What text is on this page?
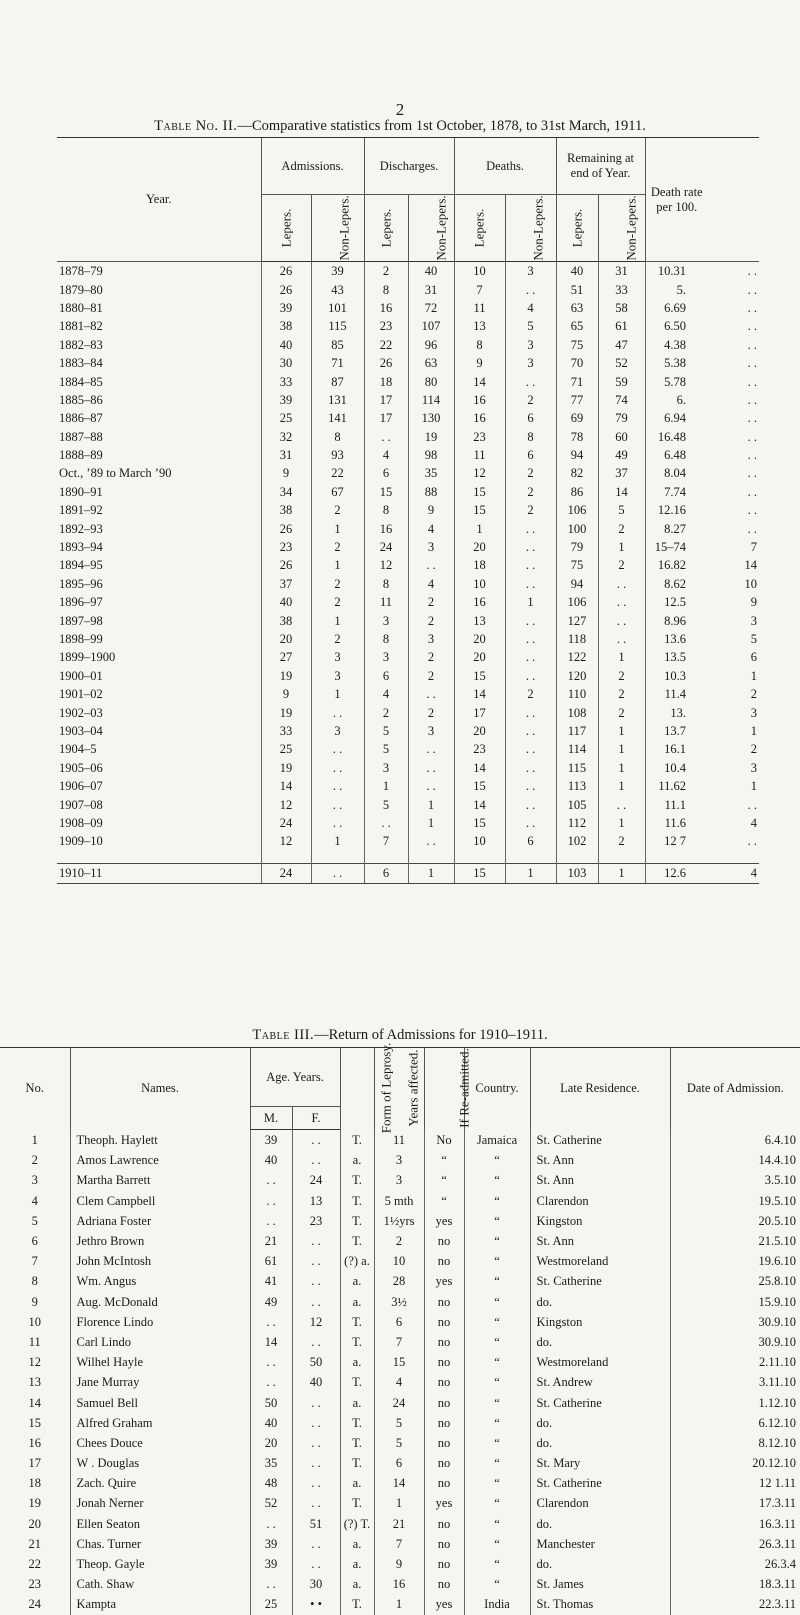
2
Table No. II.—Comparative statistics from 1st October, 1878, to 31st March, 1911.
Year.	Admissions.		Discharges.		Deaths.		Remaining at end of Year.		Death rate per 100.	
	Lepers.	Non-Lepers.	Lepers.	Non-Lepers.	Lepers.	Non-Lepers.	Lepers.	Non-Lepers.		
1878–79	26	39	2	40	10	3	40	31	10.31	. .
1879–80	26	43	8	31	7	. .	51	33	5.	. .
1880–81	39	101	16	72	11	4	63	58	6.69	. .
1881–82	38	115	23	107	13	5	65	61	6.50	. .
1882–83	40	85	22	96	8	3	75	47	4.38	. .
1883–84	30	71	26	63	9	3	70	52	5.38	. .
1884–85	33	87	18	80	14	. .	71	59	5.78	. .
1885–86	39	131	17	114	16	2	77	74	6.	. .
1886–87	25	141	17	130	16	6	69	79	6.94	. .
1887–88	32	8	. .	19	23	8	78	60	16.48	. .
1888–89	31	93	4	98	11	6	94	49	6.48	. .
Oct., ’89 to March ’90	9	22	6	35	12	2	82	37	8.04	. .
1890–91	34	67	15	88	15	2	86	14	7.74	. .
1891–92	38	2	8	9	15	2	106	5	12.16	. .
1892–93	26	1	16	4	1	. .	100	2	8.27	. .
1893–94	23	2	24	3	20	. .	79	1	15–74	7
1894–95	26	1	12	. .	18	. .	75	2	16.82	14
1895–96	37	2	8	4	10	. .	94	. .	8.62	10
1896–97	40	2	11	2	16	1	106	. .	12.5	9
1897–98	38	1	3	2	13	. .	127	. .	8.96	3
1898–99	20	2	8	3	20	. .	118	. .	13.6	5
1899–1900	27	3	3	2	20	. .	122	1	13.5	6
1900–01	19	3	6	2	15	. .	120	2	10.3	1
1901–02	9	1	4	. .	14	2	110	2	11.4	2
1902–03	19	. .	2	2	17	. .	108	2	13.	3
1903–04	33	3	5	3	20	. .	117	1	13.7	1
1904–5	25	. .	5	. .	23	. .	114	1	16.1	2
1905–06	19	. .	3	. .	14	. .	115	1	10.4	3
1906–07	14	. .	1	. .	15	. .	113	1	11.62	1
1907–08	12	. .	5	1	14	. .	105	. .	11.1	. .
1908–09	24	. .	. .	1	15	. .	112	1	11.6	4
1909–10	12	1	7	. .	10	6	102	2	12 7	. .

1910–11	24	. .	6	1	15	1	103	1	12.6	4
Table III.—Return of Admissions for 1910–1911.
No.	Names.	Age. Years.		Form of Leprosy.	Years affected.	If Re-admitted.	Country.	Late Residence.	Date of Admission.
		M.	F.						
1	Theoph. Haylett	39	. .	T.	11	No	Jamaica	St. Catherine	6.4.10
2	Amos Lawrence	40	. .	a.	3	“	“	St. Ann	14.4.10
3	Martha Barrett	. .	24	T.	3	“	“	St. Ann	3.5.10
4	Clem Campbell	. .	13	T.	5 mth	“	“	Clarendon	19.5.10
5	Adriana Foster	. .	23	T.	1½yrs	yes	“	Kingston	20.5.10
6	Jethro Brown	21	. .	T.	2	no	“	St. Ann	21.5.10
7	John McIntosh	61	. .	(?) a.	10	no	“	Westmoreland	19.6.10
8	Wm. Angus	41	. .	a.	28	yes	“	St. Catherine	25.8.10
9	Aug. McDonald	49	. .	a.	3½	no	“	do.	15.9.10
10	Florence Lindo	. .	12	T.	6	no	“	Kingston	30.9.10
11	Carl Lindo	14	. .	T.	7	no	“	do.	30.9.10
12	Wilhel Hayle	. .	50	a.	15	no	“	Westmoreland	2.11.10
13	Jane Murray	. .	40	T.	4	no	“	St. Andrew	3.11.10
14	Samuel Bell	50	. .	a.	24	no	“	St. Catherine	1.12.10
15	Alfred Graham	40	. .	T.	5	no	“	do.	6.12.10
16	Chees Douce	20	. .	T.	5	no	“	do.	8.12.10
17	W . Douglas	35	. .	T.	6	no	“	St. Mary	20.12.10
18	Zach. Quire	48	. .	a.	14	no	“	St. Catherine	12 1.11
19	Jonah Nerner	52	. .	T.	1	yes	“	Clarendon	17.3.11
20	Ellen Seaton	. .	51	(?) T.	21	no	“	do.	16.3.11
21	Chas. Turner	39	. .	a.	7	no	“	Manchester	26.3.11
22	Theop. Gayle	39	. .	a.	9	no	“	do.	26.3.4
23	Cath. Shaw	. .	30	a.	16	no	“	St. James	18.3.11
24	Kampta	25	• •	T.	1	yes	India	St. Thomas	22.3.11
